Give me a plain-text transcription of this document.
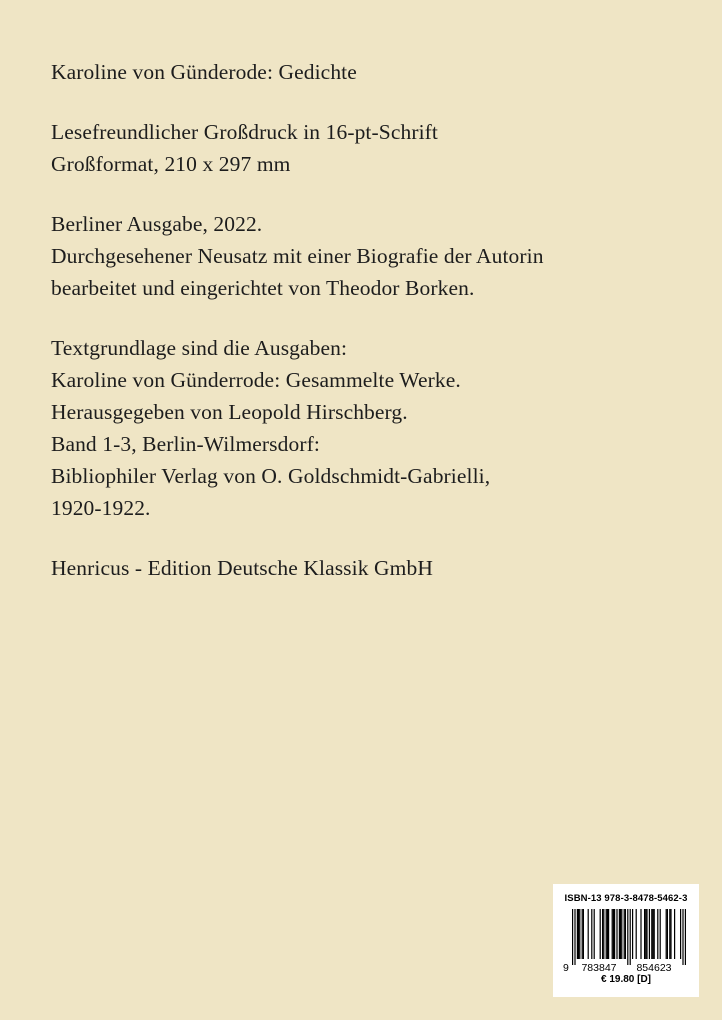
Karoline von Günderode: Gedichte
Lesefreundlicher Großdruck in 16-pt-Schrift
Großformat, 210 x 297 mm
Berliner Ausgabe, 2022.
Durchgesehener Neusatz mit einer Biografie der Autorin
bearbeitet und eingerichtet von Theodor Borken.
Textgrundlage sind die Ausgaben:
Karoline von Günderrode: Gesammelte Werke.
Herausgegeben von Leopold Hirschberg.
Band 1-3, Berlin-Wilmersdorf:
Bibliophiler Verlag von O. Goldschmidt-Gabrielli,
1920-1922.
Henricus - Edition Deutsche Klassik GmbH
ISBN-13 978-3-8478-5462-3
9 783847 854623
€ 19.80 [D]
